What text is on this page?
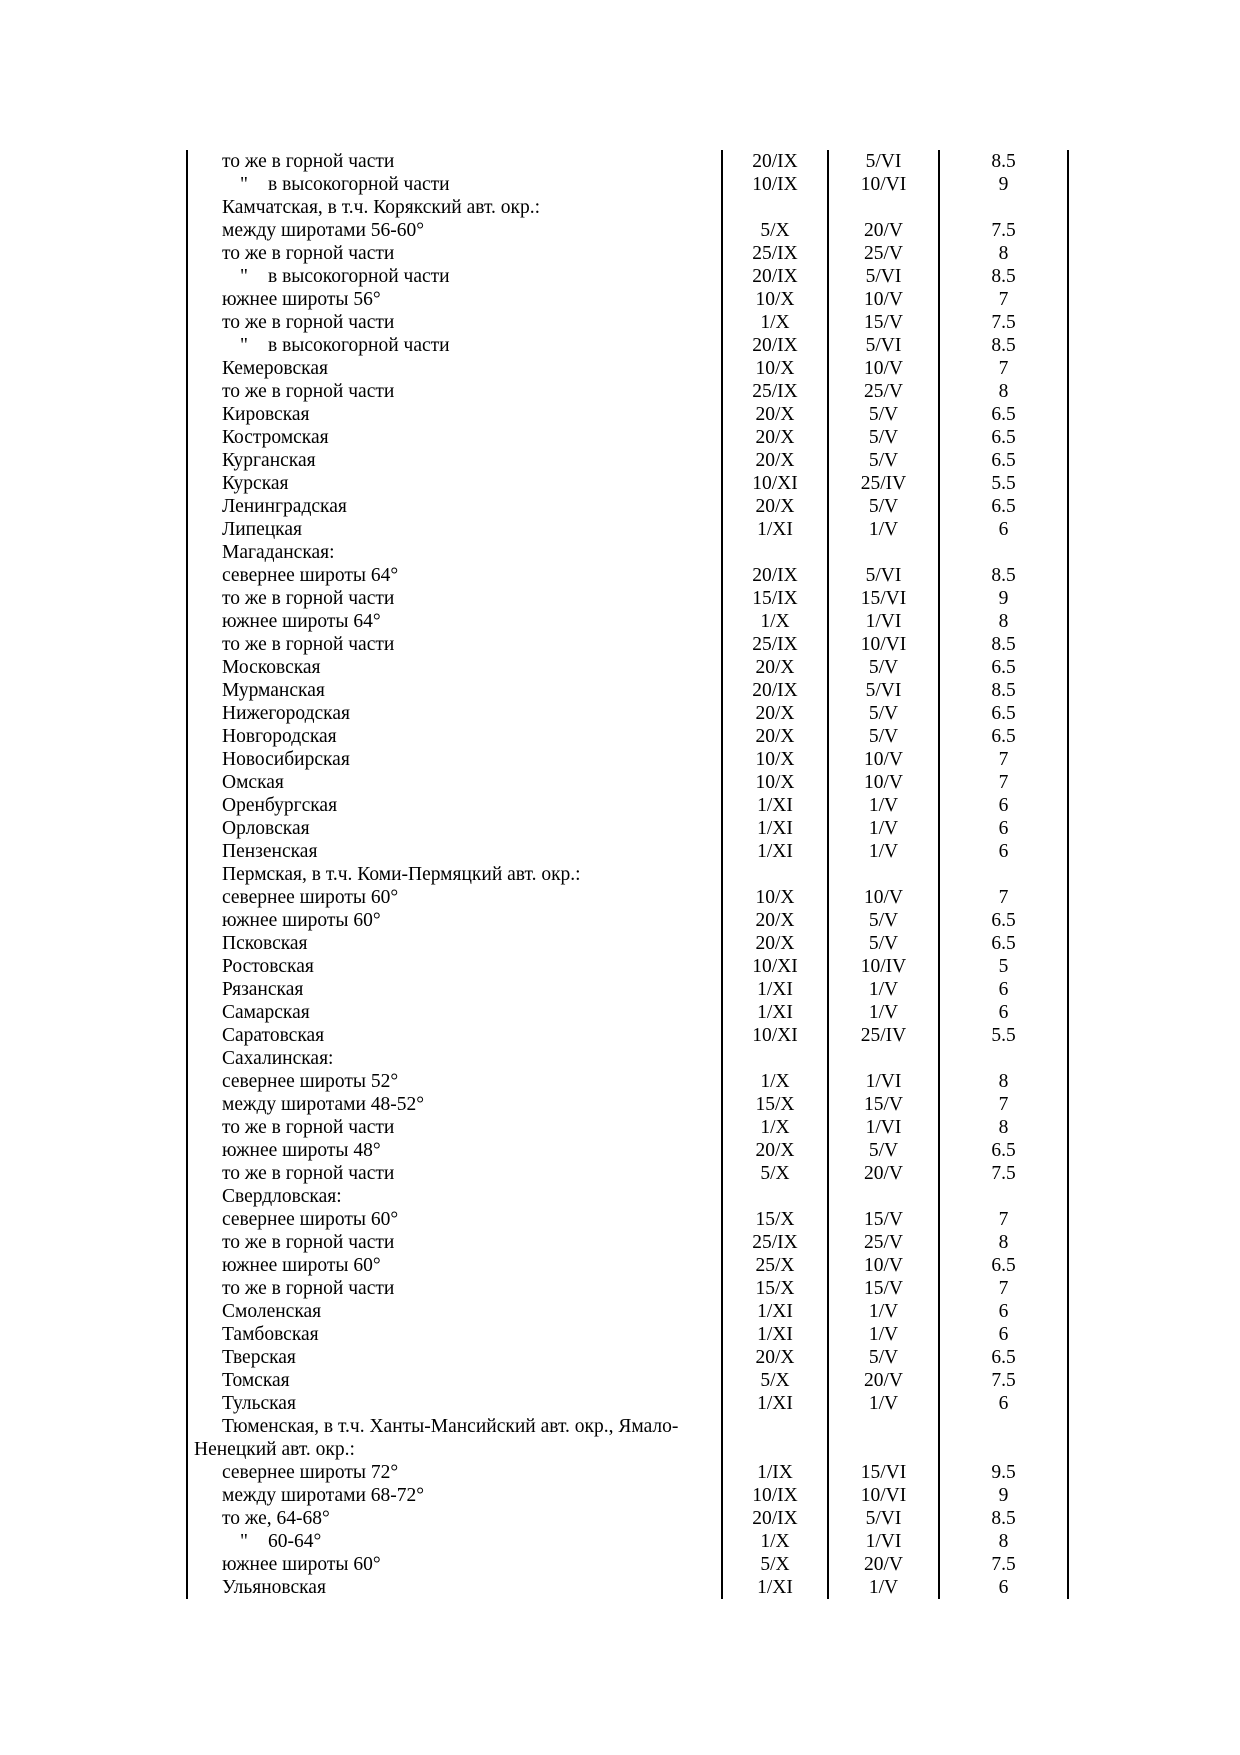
то же в горной части	20/IX	5/VI	8.5
" в высокогорной части	10/IX	10/VI	9
Камчатская, в т.ч. Корякский авт. окр.:			
между широтами 56-60°	5/X	20/V	7.5
то же в горной части	25/IX	25/V	8
" в высокогорной части	20/IX	5/VI	8.5
южнее широты 56°	10/X	10/V	7
то же в горной части	1/X	15/V	7.5
" в высокогорной части	20/IX	5/VI	8.5
Кемеровская	10/X	10/V	7
то же в горной части	25/IX	25/V	8
Кировская	20/X	5/V	6.5
Костромская	20/X	5/V	6.5
Курганская	20/X	5/V	6.5
Курская	10/XI	25/IV	5.5
Ленинградская	20/X	5/V	6.5
Липецкая	1/XI	1/V	6
Магаданская:			
севернее широты 64°	20/IX	5/VI	8.5
то же в горной части	15/IX	15/VI	9
южнее широты 64°	1/X	1/VI	8
то же в горной части	25/IX	10/VI	8.5
Московская	20/X	5/V	6.5
Мурманская	20/IX	5/VI	8.5
Нижегородская	20/X	5/V	6.5
Новгородская	20/X	5/V	6.5
Новосибирская	10/X	10/V	7
Омская	10/X	10/V	7
Оренбургская	1/XI	1/V	6
Орловская	1/XI	1/V	6
Пензенская	1/XI	1/V	6
Пермская, в т.ч. Коми-Пермяцкий авт. окр.:			
севернее широты 60°	10/X	10/V	7
южнее широты 60°	20/X	5/V	6.5
Псковская	20/X	5/V	6.5
Ростовская	10/XI	10/IV	5
Рязанская	1/XI	1/V	6
Самарская	1/XI	1/V	6
Саратовская	10/XI	25/IV	5.5
Сахалинская:			
севернее широты 52°	1/X	1/VI	8
между широтами 48-52°	15/X	15/V	7
то же в горной части	1/X	1/VI	8
южнее широты 48°	20/X	5/V	6.5
то же в горной части	5/X	20/V	7.5
Свердловская:			
севернее широты 60°	15/X	15/V	7
то же в горной части	25/IX	25/V	8
южнее широты 60°	25/X	10/V	6.5
то же в горной части	15/X	15/V	7
Смоленская	1/XI	1/V	6
Тамбовская	1/XI	1/V	6
Тверская	20/X	5/V	6.5
Томская	5/X	20/V	7.5
Тульская	1/XI	1/V	6
Тюменская, в т.ч. Ханты-Мансийский авт. окр., Ямало-			
Ненецкий авт. окр.:			
севернее широты 72°	1/IX	15/VI	9.5
между широтами 68-72°	10/IX	10/VI	9
то же, 64-68°	20/IX	5/VI	8.5
" 60-64°	1/X	1/VI	8
южнее широты 60°	5/X	20/V	7.5
Ульяновская	1/XI	1/V	6
